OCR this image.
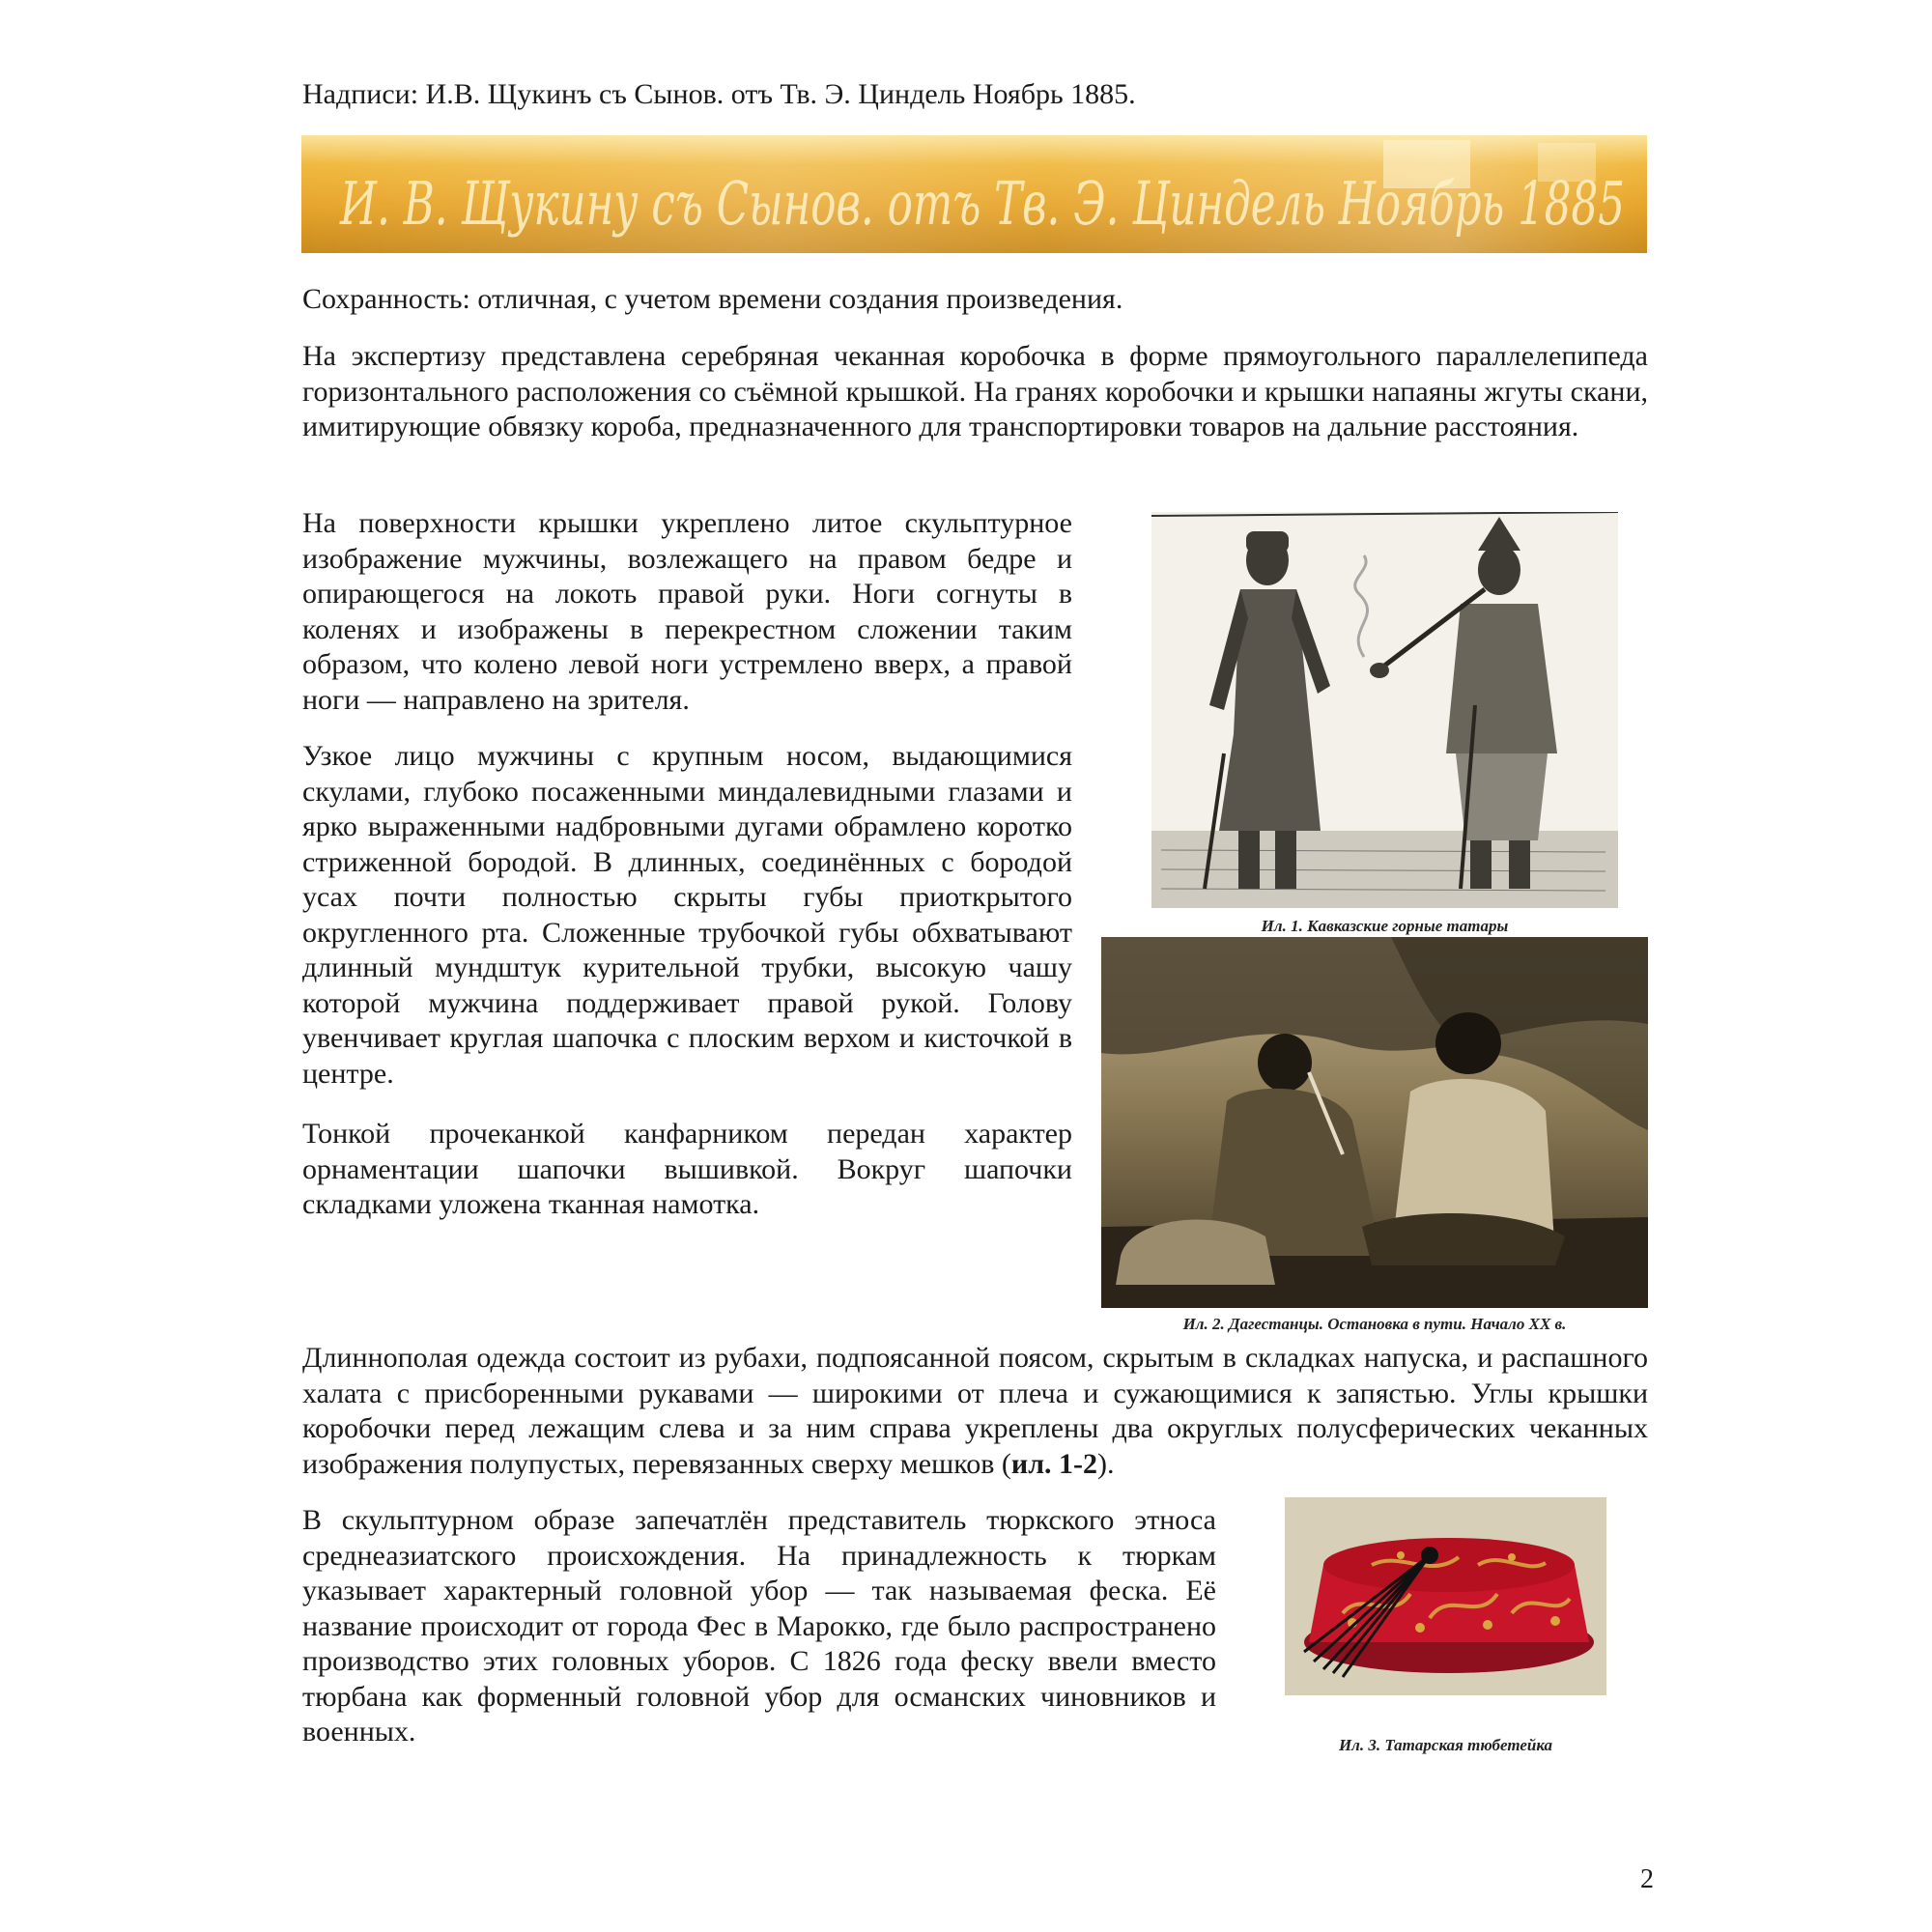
Надписи: И.В. Щукинъ съ Сынов. отъ Тв. Э. Циндель Ноябрь 1885.

И. В. Щукину съ Сынов. отъ Тв. Э. Циндель Ноябрь 1885

Сохранность: отличная, с учетом времени создания произведения.

На экспертизу представлена серебряная чеканная коробочка в форме прямоугольного параллелепипеда горизонтального расположения со съёмной крышкой. На гранях коробочки и крышки напаяны жгуты скани, имитирующие обвязку короба, предназначенного для транспортировки товаров на дальние расстояния.

На поверхности крышки укреплено литое скульптурное изображение мужчины, возлежащего на правом бедре и опирающегося на локоть правой руки. Ноги согнуты в коленях и изображены в перекрестном сложении таким образом, что колено левой ноги устремлено вверх, а правой ноги — направлено на зрителя.

Узкое лицо мужчины с крупным носом, выдающимися скулами, глубоко посаженными миндалевидными глазами и ярко выраженными надбровными дугами обрамлено коротко стриженной бородой. В длинных, соединённых с бородой усах почти полностью скрыты губы приоткрытого округленного рта. Сложенные трубочкой губы обхватывают длинный мундштук курительной трубки, высокую чашу которой мужчина поддерживает правой рукой. Голову увенчивает круглая шапочка с плоским верхом и кисточкой в центре.

Тонкой прочеканкой канфарником передан характер орнаментации шапочки вышивкой. Вокруг шапочки складками уложена тканная намотка.

Ил. 1. Кавказские горные татары

Ил. 2. Дагестанцы. Остановка в пути. Начало XX в.

Длиннополая одежда состоит из рубахи, подпоясанной поясом, скрытым в складках напуска, и распашного халата с присборенными рукавами — широкими от плеча и сужающимися к запястью. Углы крышки коробочки перед лежащим слева и за ним справа укреплены два округлых полусферических чеканных изображения полупустых, перевязанных сверху мешков (ил. 1-2).

В скульптурном образе запечатлён представитель тюркского этноса среднеазиатского происхождения. На принадлежность к тюркам указывает характерный головной убор — так называемая феска. Её название происходит от города Фес в Марокко, где было распространено производство этих головных уборов. С 1826 года феску ввели вместо тюрбана как форменный головной убор для османских чиновников и военных.	Ил. 3. Татарская тюбетейка

2
